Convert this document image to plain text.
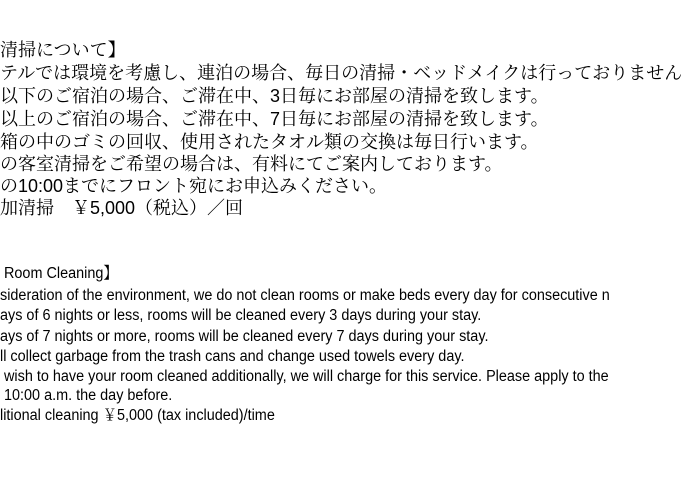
清掃について】
テルでは環境を考慮し、連泊の場合、毎日の清掃・ベッドメイクは行っておりません
以下のご宿泊の場合、ご滞在中、3日毎にお部屋の清掃を致します。
以上のご宿泊の場合、ご滞在中、7日毎にお部屋の清掃を致します。
箱の中のゴミの回収、使用されたタオル類の交換は毎日行います。
の客室清掃をご希望の場合は、有料にてご案内しております。
の10:00までにフロント宛にお申込みください。
加清掃　￥5,000（税込）／回
Room Cleaning】
sideration of the environment, we do not clean rooms or make beds every day for consecutive n
ays of 6 nights or less, rooms will be cleaned every 3 days during your stay.
ays of 7 nights or more, rooms will be cleaned every 7 days during your stay.
ll collect garbage from the trash cans and change used towels every day.
wish to have your room cleaned additionally, we will charge for this service. Please apply to the
10:00 a.m. the day before.
litional cleaning ￥5,000 (tax included)/time
